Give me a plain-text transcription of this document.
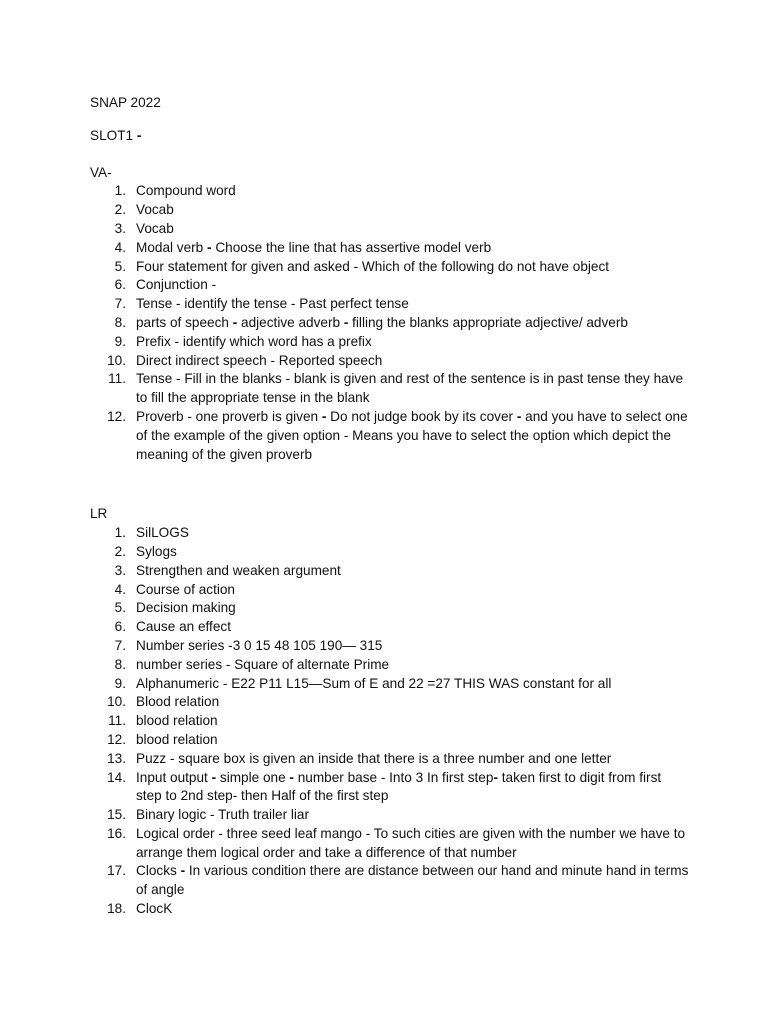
SNAP 2022

SLOT1 -

VA-

1. Compound word
2. Vocab
3. Vocab
4. Modal verb - Choose the line that has assertive model verb
5. Four statement for given and asked - Which of the following do not have object
6. Conjunction -
7. Tense - identify the tense - Past perfect tense
8. parts of speech - adjective adverb - filling the blanks appropriate adjective/ adverb
9. Prefix - identify which word has a prefix
10. Direct indirect speech - Reported speech
11. Tense - Fill in the blanks - blank is given and rest of the sentence is in past tense they have to fill the appropriate tense in the blank
12. Proverb - one proverb is given - Do not judge book by its cover - and you have to select one of the example of the given option - Means you have to select the option which depict the meaning of the given proverb

LR

1. SilLOGS
2. Sylogs
3. Strengthen and weaken argument
4. Course of action
5. Decision making
6. Cause an effect
7. Number series -3 0 15 48 105 190— 315
8. number series - Square of alternate Prime
9. Alphanumeric - E22 P11 L15—Sum of E and 22 =27 THIS WAS constant for all
10. Blood relation
11. blood relation
12. blood relation
13. Puzz - square box is given an inside that there is a three number and one letter
14. Input output - simple one - number base - Into 3 In first step- taken first to digit from first step to 2nd step- then Half of the first step
15. Binary logic - Truth trailer liar
16. Logical order - three seed leaf mango - To such cities are given with the number we have to arrange them logical order and take a difference of that number
17. Clocks - In various condition there are distance between our hand and minute hand in terms of angle
18. ClocK
